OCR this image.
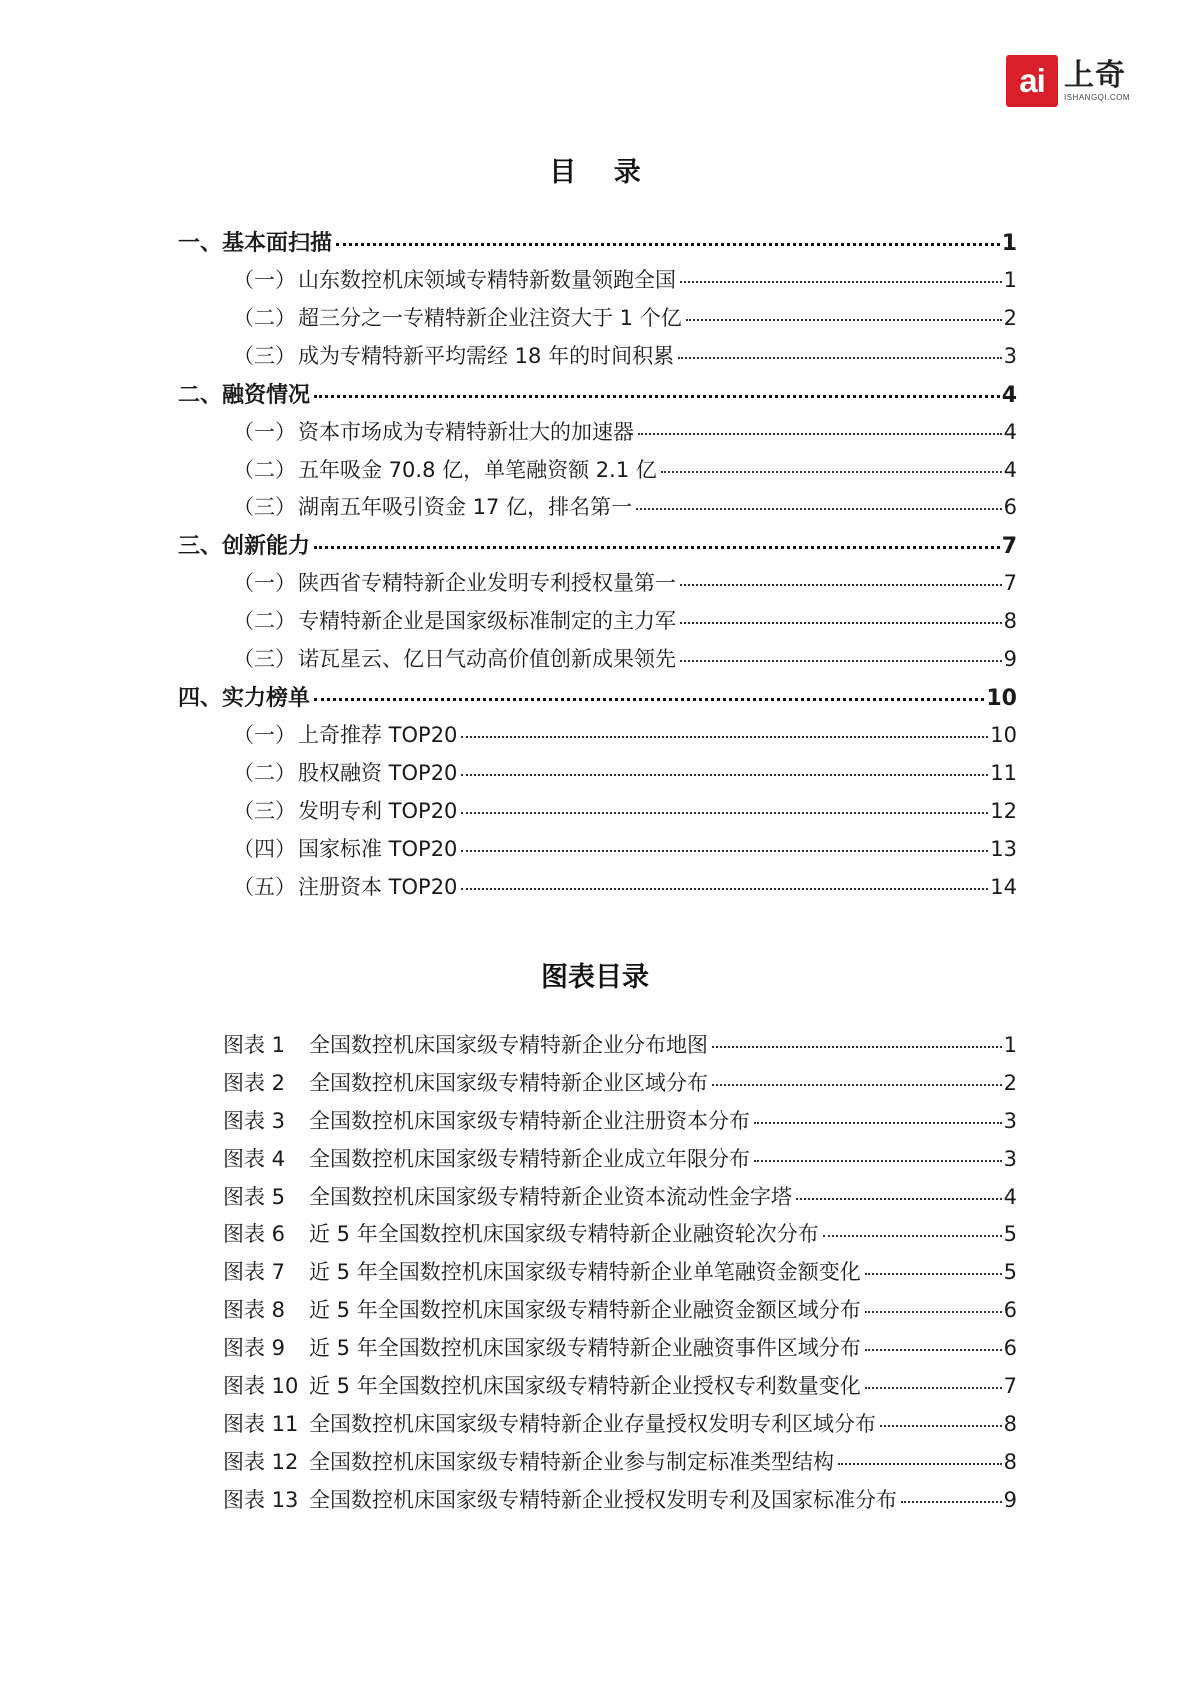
ai 上奇
ISHANGQI.COM
目 录
一、基本面扫描	1
（一） 山东数控机床领域专精特新数量领跑全国	1
（二） 超三分之一专精特新企业注资大于 1 个亿	2
（三） 成为专精特新平均需经 18 年的时间积累	3
二、融资情况	4
（一） 资本市场成为专精特新壮大的加速器	4
（二） 五年吸金 70.8 亿，单笔融资额 2.1 亿	4
（三） 湖南五年吸引资金 17 亿，排名第一	6
三、创新能力	7
（一） 陕西省专精特新企业发明专利授权量第一	7
（二） 专精特新企业是国家级标准制定的主力军	8
（三） 诺瓦星云、亿日气动高价值创新成果领先	9
四、实力榜单	10
（一） 上奇推荐 TOP20	10
（二） 股权融资 TOP20	11
（三） 发明专利 TOP20	12
（四） 国家标准 TOP20	13
（五） 注册资本 TOP20	14
图表目录
图表 1	全国数控机床国家级专精特新企业分布地图	1
图表 2	全国数控机床国家级专精特新企业区域分布	2
图表 3	全国数控机床国家级专精特新企业注册资本分布	3
图表 4	全国数控机床国家级专精特新企业成立年限分布	3
图表 5	全国数控机床国家级专精特新企业资本流动性金字塔	4
图表 6	近 5 年全国数控机床国家级专精特新企业融资轮次分布	5
图表 7	近 5 年全国数控机床国家级专精特新企业单笔融资金额变化	5
图表 8	近 5 年全国数控机床国家级专精特新企业融资金额区域分布	6
图表 9	近 5 年全国数控机床国家级专精特新企业融资事件区域分布	6
图表 10 近 5 年全国数控机床国家级专精特新企业授权专利数量变化	7
图表 11 全国数控机床国家级专精特新企业存量授权发明专利区域分布	8
图表 12 全国数控机床国家级专精特新企业参与制定标准类型结构	8
图表 13 全国数控机床国家级专精特新企业授权发明专利及国家标准分布	9
